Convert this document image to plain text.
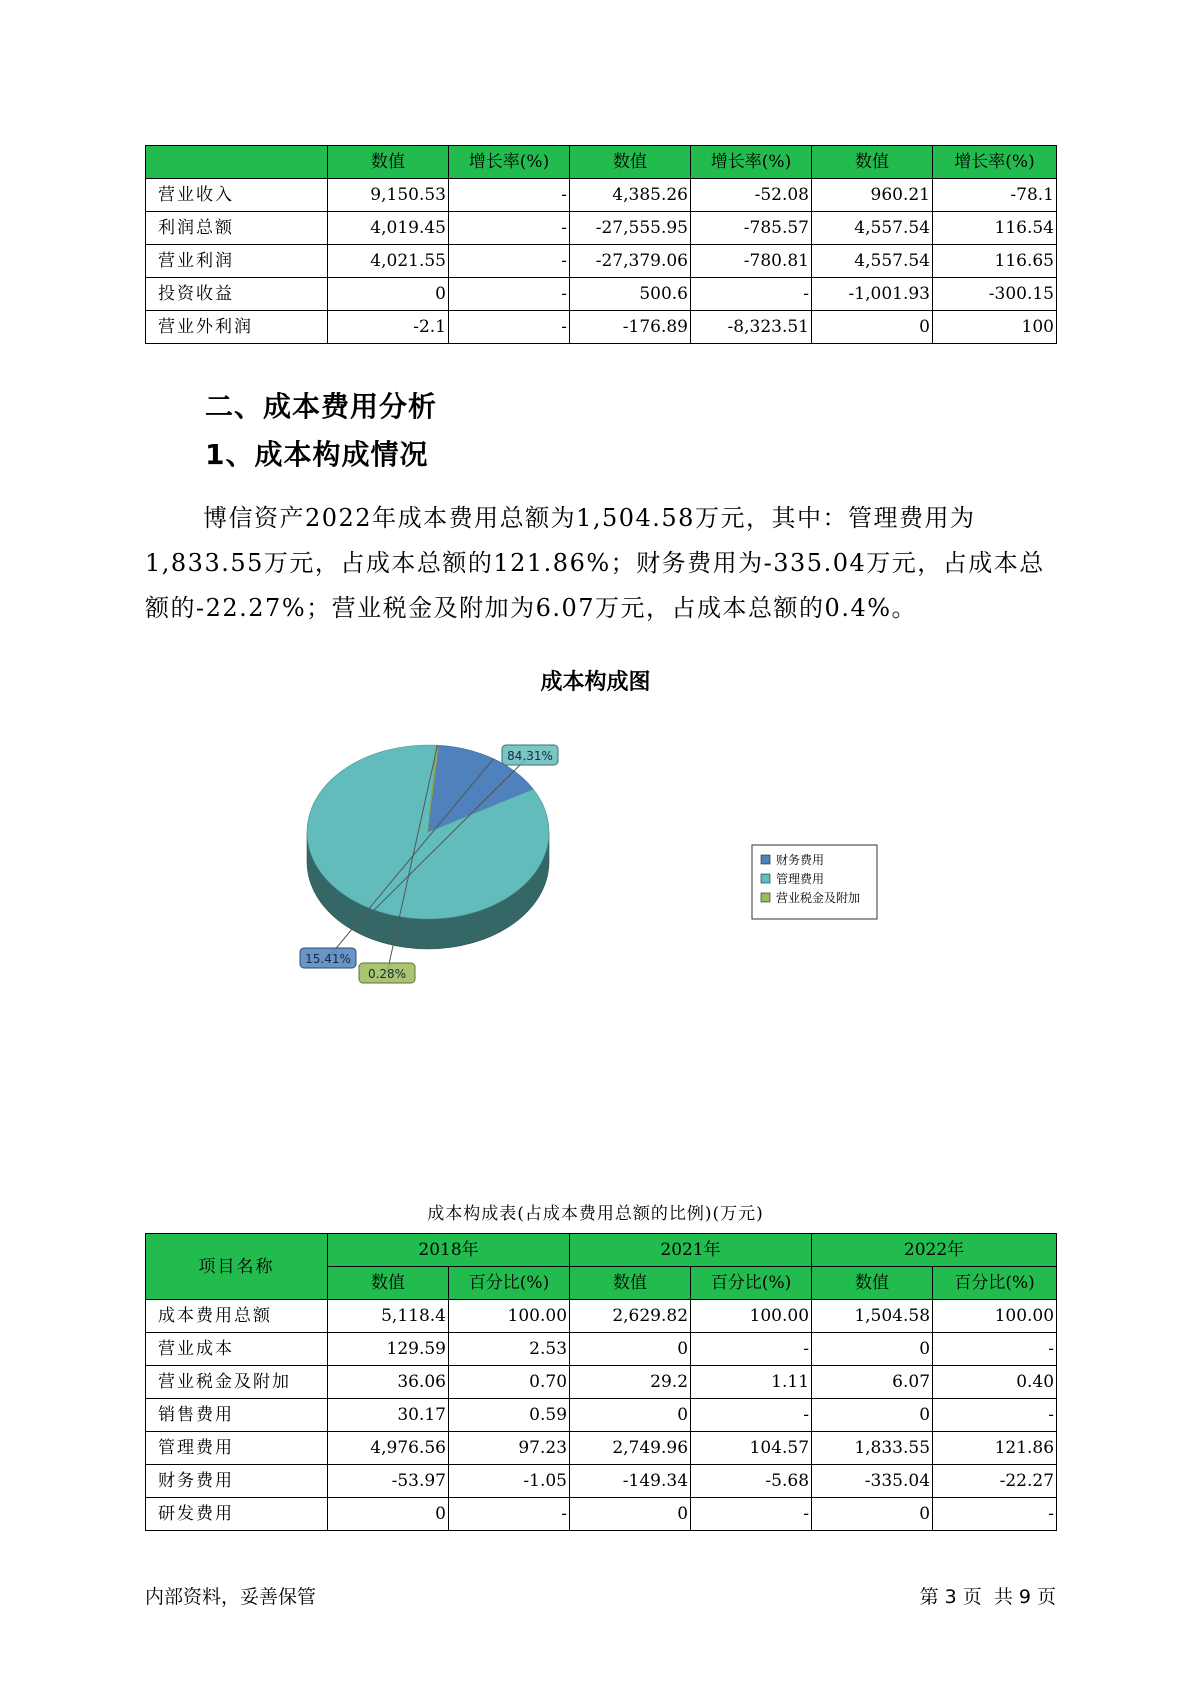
	数值	增长率(%)	数值	增长率(%)	数值	增长率(%)
营业收入	9,150.53	-	4,385.26	-52.08	960.21	-78.1
利润总额	4,019.45	-	-27,555.95	-785.57	4,557.54	116.54
营业利润	4,021.55	-	-27,379.06	-780.81	4,557.54	116.65
投资收益	0	-	500.6	-	-1,001.93	-300.15
营业外利润	-2.1	-	-176.89	-8,323.51	0	100
二、成本费用分析
1、成本构成情况
博信资产2022年成本费用总额为1,504.58万元，其中：管理费用为1,833.55万元，占成本总额的121.86%；财务费用为-335.04万元，占成本总额的-22.27%；营业税金及附加为6.07万元，占成本总额的0.4%。
成本构成图
15.41%
84.31%
0.28%
财务费用
管理费用
营业税金及附加
成本构成表(占成本费用总额的比例)(万元)
项目名称	2018年		2021年		2022年	
	数值	百分比(%)	数值	百分比(%)	数值	百分比(%)
成本费用总额	5,118.4	100.00	2,629.82	100.00	1,504.58	100.00
营业成本	129.59	2.53	0	-	0	-
营业税金及附加	36.06	0.70	29.2	1.11	6.07	0.40
销售费用	30.17	0.59	0	-	0	-
管理费用	4,976.56	97.23	2,749.96	104.57	1,833.55	121.86
财务费用	-53.97	-1.05	-149.34	-5.68	-335.04	-22.27
研发费用	0	-	0	-	0	-
内部资料，妥善保管	第 3 页  共 9 页
